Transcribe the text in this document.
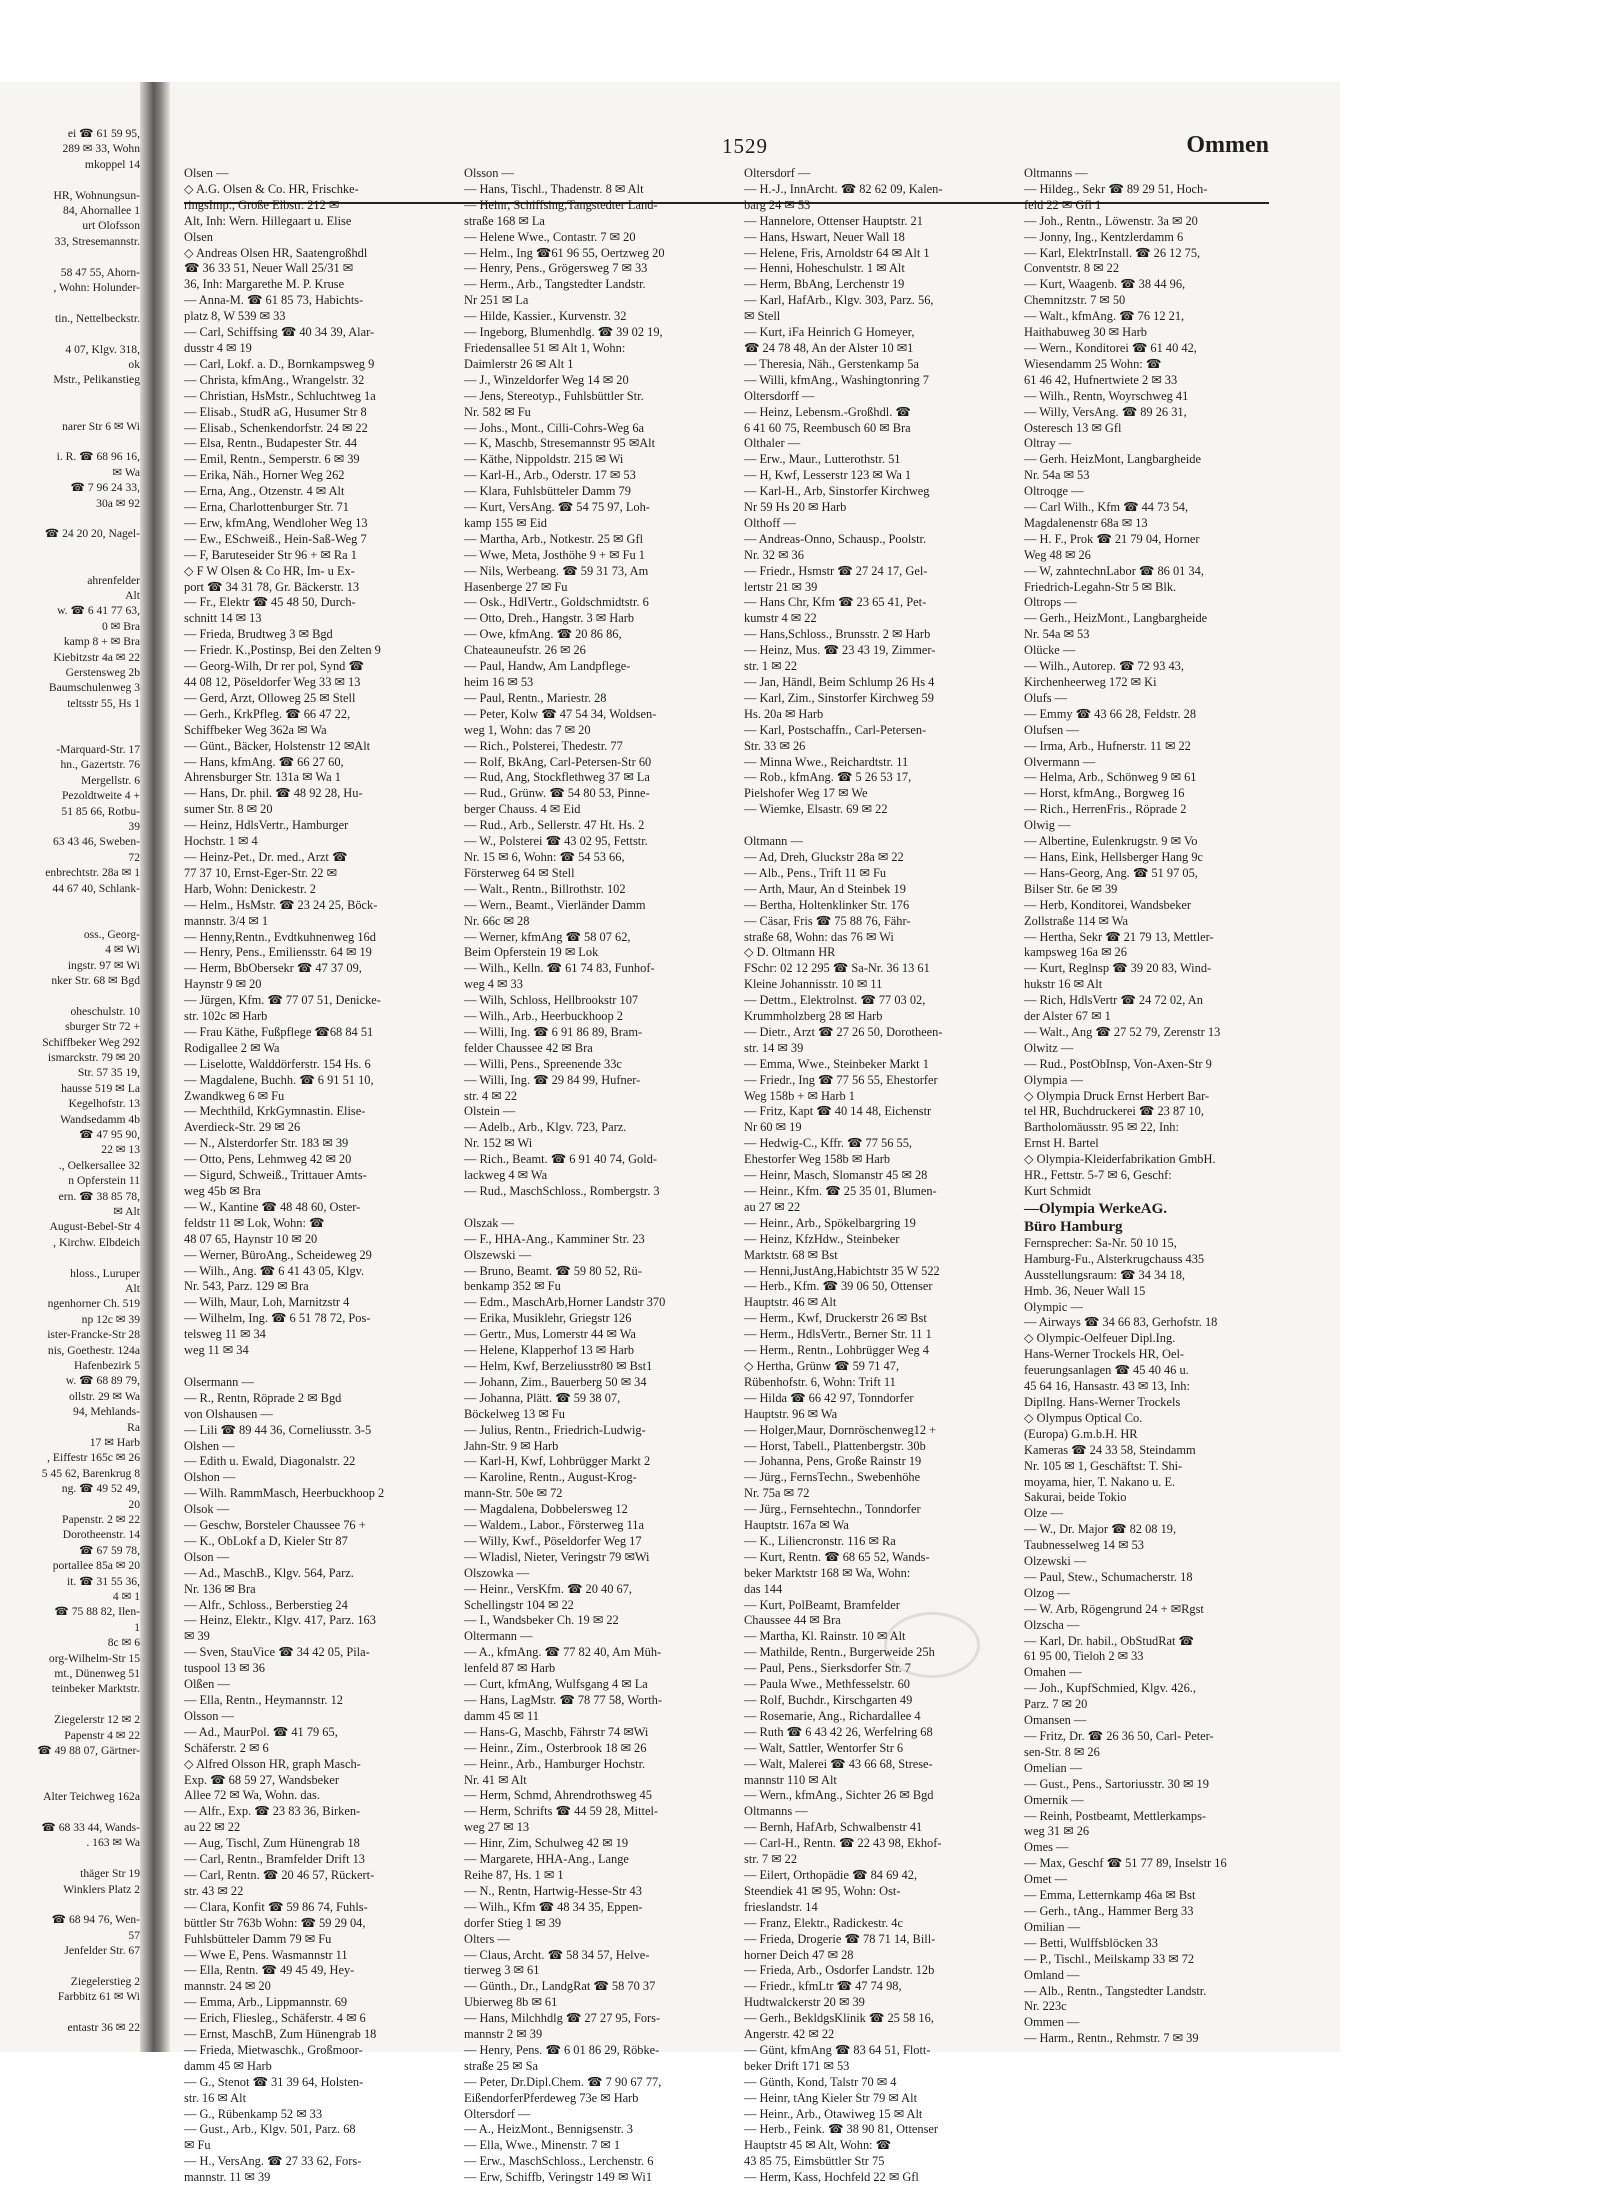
ei ☎ 61 59 95,
289 ✉ 33, Wohn
mkoppel 14
HR, Wohnungsun-
84, Ahornallee 1
urt Olofsson
33, Stresemannstr.
58 47 55, Ahorn-
, Wohn: Holunder-
tin., Nettelbeckstr.
4 07, Klgv. 318,
ok
Mstr., Pelikanstieg
narer Str 6 ✉ Wi
i. R. ☎ 68 96 16,
✉ Wa
☎ 7 96 24 33,
30a ✉ 92
☎ 24 20 20, Nagel-
ahrenfelder
Alt
w. ☎ 6 41 77 63,
0 ✉ Bra
kamp 8 + ✉ Bra
Kiebitzstr 4a ✉ 22
Gerstensweg 2b
Baumschulenweg 3
teltsstr 55, Hs 1
-Marquard-Str. 17
hn., Gazertstr. 76
Mergellstr. 6
Pezoldtweite 4 +
51 85 66, Rotbu-
39
63 43 46, Sweben-
72
enbrechtstr. 28a ✉ 1
44 67 40, Schlank-
oss., Georg-
4 ✉ Wi
ingstr. 97 ✉ Wi
nker Str. 68 ✉ Bgd
oheschulstr. 10
sburger Str 72 +
Schiffbeker Weg 292
ismarckstr. 79 ✉ 20
Str. 57 35 19,
hausse 519 ✉ La
Kegelhofstr. 13
Wandsedamm 4b
☎ 47 95 90,
22 ✉ 13
., Oelkersallee 32
n Opferstein 11
ern. ☎ 38 85 78,
✉ Alt
August-Bebel-Str 4
, Kirchw. Elbdeich
hloss., Luruper
Alt
ngenhorner Ch. 519
np 12c ✉ 39
ister-Francke-Str 28
nis, Goethestr. 124a
Hafenbezirk 5
w. ☎ 68 89 79,
ollstr. 29 ✉ Wa
94, Mehlands-
Ra
17 ✉ Harb
, Eiffestr 165c ✉ 26
5 45 62, Barenkrug 8
ng. ☎ 49 52 49,
20
Papenstr. 2 ✉ 22
Dorotheenstr. 14
☎ 67 59 78,
portallee 85a ✉ 20
it. ☎ 31 55 36,
4 ✉ 1
☎ 75 88 82, Ilen-
1
8c ✉ 6
org-Wilhelm-Str 15
mt., Dünenweg 51
teinbeker Marktstr.
Ziegelerstr 12 ✉ 2
Papenstr 4 ✉ 22
☎ 49 88 07, Gärtner-
Alter Teichweg 162a
☎ 68 33 44, Wands-
. 163 ✉ Wa
thäger Str 19
Winklers Platz 2
☎ 68 94 76, Wen-
57
Jenfelder Str. 67
Ziegelerstieg 2
Farbbitz 61 ✉ Wi
entastr 36 ✉ 22
1529	Ommen
Olsen —
◇ A.G. Olsen & Co. HR, Frischke-
ringsImp., Große Elbstr. 212 ✉
Alt, Inh: Wern. Hillegaart u. Elise
Olsen
◇ Andreas Olsen HR, Saatengroßhdl
☎ 36 33 51, Neuer Wall 25/31 ✉
36, Inh: Margarethe M. P. Kruse
— Anna-M. ☎ 61 85 73, Habichts-
platz 8, W 539 ✉ 33
— Carl, Schiffsing ☎ 40 34 39, Alar-
dusstr 4 ✉ 19
— Carl, Lokf. a. D., Bornkampsweg 9
— Christa, kfmAng., Wrangelstr. 32
— Christian, HsMstr., Schluchtweg 1a
— Elisab., StudR aG, Husumer Str 8
— Elisab., Schenkendorfstr. 24 ✉ 22
— Elsa, Rentn., Budapester Str. 44
— Emil, Rentn., Semperstr. 6 ✉ 39
— Erika, Näh., Horner Weg 262
— Erna, Ang., Otzenstr. 4 ✉ Alt
— Erna, Charlottenburger Str. 71
— Erw, kfmAng, Wendloher Weg 13
— Ew., ESchweiß., Hein-Saß-Weg 7
— F, Baruteseider Str 96 + ✉ Ra 1
◇ F W Olsen & Co HR, Im- u Ex-
port ☎ 34 31 78, Gr. Bäckerstr. 13
— Fr., Elektr ☎ 45 48 50, Durch-
schnitt 14 ✉ 13
— Frieda, Brudtweg 3 ✉ Bgd
— Friedr. K.,Postinsp, Bei den Zelten 9
— Georg-Wilh, Dr rer pol, Synd ☎
44 08 12, Pöseldorfer Weg 33 ✉ 13
— Gerd, Arzt, Olloweg 25 ✉ Stell
— Gerh., KrkPfleg. ☎ 66 47 22,
Schiffbeker Weg 362a ✉ Wa
— Günt., Bäcker, Holstenstr 12 ✉Alt
— Hans, kfmAng. ☎ 66 27 60,
Ahrensburger Str. 131a ✉ Wa 1
— Hans, Dr. phil. ☎ 48 92 28, Hu-
sumer Str. 8 ✉ 20
— Heinz, HdlsVertr., Hamburger
Hochstr. 1 ✉ 4
— Heinz-Pet., Dr. med., Arzt ☎
77 37 10, Ernst-Eger-Str. 22 ✉
Harb, Wohn: Denickestr. 2
— Helm., HsMstr. ☎ 23 24 25, Böck-
mannstr. 3/4 ✉ 1
— Henny,Rentn., Evdtkuhnenweg 16d
— Henry, Pens., Emiliensstr. 64 ✉ 19
— Herm, BbObersekr ☎ 47 37 09,
Haynstr 9 ✉ 20
— Jürgen, Kfm. ☎ 77 07 51, Denicke-
str. 102c ✉ Harb
— Frau Käthe, Fußpflege ☎68 84 51
Rodigallee 2 ✉ Wa
— Liselotte, Walddörferstr. 154 Hs. 6
— Magdalene, Buchh. ☎ 6 91 51 10,
Zwandkweg 6 ✉ Fu
— Mechthild, KrkGymnastin. Elise-
Averdieck-Str. 29 ✉ 26
— N., Alsterdorfer Str. 183 ✉ 39
— Otto, Pens, Lehmweg 42 ✉ 20
— Sigurd, Schweiß., Trittauer Amts-
weg 45b ✉ Bra
— W., Kantine ☎ 48 48 60, Oster-
feldstr 11 ✉ Lok, Wohn: ☎
48 07 65, Haynstr 10 ✉ 20
— Werner, BüroAng., Scheideweg 29
— Wilh., Ang. ☎ 6 41 43 05, Klgv.
Nr. 543, Parz. 129 ✉ Bra
— Wilh, Maur, Loh, Marnitzstr 4
— Wilhelm, Ing. ☎ 6 51 78 72, Pos-
telsweg 11 ✉ 34
weg 11 ✉ 34

Olsermann —
— R., Rentn, Röprade 2 ✉ Bgd
von Olshausen —
— Lili ☎ 89 44 36, Corneliusstr. 3-5
Olshen —
— Edith u. Ewald, Diagonalstr. 22
Olshon —
— Wilh. RammMasch, Heerbuckhoop 2
Olsok —
— Geschw, Borsteler Chaussee 76 +
— K., ObLokf a D, Kieler Str 87
Olson —
— Ad., MaschB., Klgv. 564, Parz.
Nr. 136 ✉ Bra
— Alfr., Schloss., Berberstieg 24
— Heinz, Elektr., Klgv. 417, Parz. 163
✉ 39
— Sven, StauVice ☎ 34 42 05, Pila-
tuspool 13 ✉ 36
Olßen —
— Ella, Rentn., Heymannstr. 12
Olsson —
— Ad., MaurPol. ☎ 41 79 65,
Schäferstr. 2 ✉ 6
◇ Alfred Olsson HR, graph Masch-
Exp. ☎ 68 59 27, Wandsbeker
Allee 72 ✉ Wa, Wohn. das.
— Alfr., Exp. ☎ 23 83 36, Birken-
au 22 ✉ 22
— Aug, Tischl, Zum Hünengrab 18
— Carl, Rentn., Bramfelder Drift 13
— Carl, Rentn. ☎ 20 46 57, Rückert-
str. 43 ✉ 22
— Clara, Konfit ☎ 59 86 74, Fuhls-
büttler Str 763b Wohn: ☎ 59 29 04,
Fuhlsbütteler Damm 79 ✉ Fu
— Wwe E, Pens. Wasmannstr 11
— Ella, Rentn. ☎ 49 45 49, Hey-
mannstr. 24 ✉ 20
— Emma, Arb., Lippmannstr. 69
— Erich, Fliesleg., Schäferstr. 4 ✉ 6
— Ernst, MaschB, Zum Hünengrab 18
— Frieda, Mietwaschk., Großmoor-
damm 45 ✉ Harb
— G., Stenot ☎ 31 39 64, Holsten-
str. 16 ✉ Alt
— G., Rübenkamp 52 ✉ 33
— Gust., Arb., Klgv. 501, Parz. 68
✉ Fu
— H., VersAng. ☎ 27 33 62, Fors-
mannstr. 11 ✉ 39
Olsson —
— Hans, Tischl., Thadenstr. 8 ✉ Alt
— Heinr, Schiffsing,Tangstedter Land-
straße 168 ✉ La
— Helene Wwe., Contastr. 7 ✉ 20
— Helm., Ing ☎61 96 55, Oertzweg 20
— Henry, Pens., Grögersweg 7 ✉ 33
— Herm., Arb., Tangstedter Landstr.
Nr 251 ✉ La
— Hilde, Kassier., Kurvenstr. 32
— Ingeborg, Blumenhdlg. ☎ 39 02 19,
Friedensallee 51 ✉ Alt 1, Wohn:
Daimlerstr 26 ✉ Alt 1
— J., Winzeldorfer Weg 14 ✉ 20
— Jens, Stereotyp., Fuhlsbüttler Str.
Nr. 582 ✉ Fu
— Johs., Mont., Cilli-Cohrs-Weg 6a
— K, Maschb, Stresemannstr 95 ✉Alt
— Käthe, Nippoldstr. 215 ✉ Wi
— Karl-H., Arb., Oderstr. 17 ✉ 53
— Klara, Fuhlsbütteler Damm 79
— Kurt, VersAng. ☎ 54 75 97, Loh-
kamp 155 ✉ Eid
— Martha, Arb., Notkestr. 25 ✉ Gfl
— Wwe, Meta, Josthöhe 9 + ✉ Fu 1
— Nils, Werbeang. ☎ 59 31 73, Am
Hasenberge 27 ✉ Fu
— Osk., HdlVertr., Goldschmidtstr. 6
— Otto, Dreh., Hangstr. 3 ✉ Harb
— Owe, kfmAng. ☎ 20 86 86,
Chateauneufstr. 26 ✉ 26
— Paul, Handw, Am Landpflege-
heim 16 ✉ 53
— Paul, Rentn., Mariestr. 28
— Peter, Kolw ☎ 47 54 34, Woldsen-
weg 1, Wohn: das 7 ✉ 20
— Rich., Polsterei, Thedestr. 77
— Rolf, BkAng, Carl-Petersen-Str 60
— Rud, Ang, Stockflethweg 37 ✉ La
— Rud., Grünw. ☎ 54 80 53, Pinne-
berger Chauss. 4 ✉ Eid
— Rud., Arb., Sellerstr. 47 Ht. Hs. 2
— W., Polsterei ☎ 43 02 95, Fettstr.
Nr. 15 ✉ 6, Wohn: ☎ 54 53 66,
Försterweg 64 ✉ Stell
— Walt., Rentn., Billrothstr. 102
— Wern., Beamt., Vierländer Damm
Nr. 66c ✉ 28
— Werner, kfmAng ☎ 58 07 62,
Beim Opferstein 19 ✉ Lok
— Wilh., Kelln. ☎ 61 74 83, Funhof-
weg 4 ✉ 33
— Wilh, Schloss, Hellbrookstr 107
— Wilh., Arb., Heerbuckhoop 2
— Willi, Ing. ☎ 6 91 86 89, Bram-
felder Chaussee 42 ✉ Bra
— Willi, Pens., Spreenende 33c
— Willi, Ing. ☎ 29 84 99, Hufner-
str. 4 ✉ 22
Olstein —
— Adelb., Arb., Klgv. 723, Parz.
Nr. 152 ✉ Wi
— Rich., Beamt. ☎ 6 91 40 74, Gold-
lackweg 4 ✉ Wa
— Rud., MaschSchloss., Rombergstr. 3

Olszak —
— F., HHA-Ang., Kamminer Str. 23
Olszewski —
— Bruno, Beamt. ☎ 59 80 52, Rü-
benkamp 352 ✉ Fu
— Edm., MaschArb,Horner Landstr 370
— Erika, Musiklehr, Griegstr 126
— Gertr., Mus, Lomerstr 44 ✉ Wa
— Helene, Klapperhof 13 ✉ Harb
— Helm, Kwf, Berzeliusstr80 ✉ Bst1
— Johann, Zim., Bauerberg 50 ✉ 34
— Johanna, Plätt. ☎ 59 38 07,
Böckelweg 13 ✉ Fu
— Julius, Rentn., Friedrich-Ludwig-
Jahn-Str. 9 ✉ Harb
— Karl-H, Kwf, Lohbrügger Markt 2
— Karoline, Rentn., August-Krog-
mann-Str. 50e ✉ 72
— Magdalena, Dobbelersweg 12
— Waldem., Labor., Försterweg 11a
— Willy, Kwf., Pöseldorfer Weg 17
— Wladisl, Nieter, Veringstr 79 ✉Wi
Olszowka —
— Heinr., VersKfm. ☎ 20 40 67,
Schellingstr 104 ✉ 22
— I., Wandsbeker Ch. 19 ✉ 22
Oltermann —
— A., kfmAng. ☎ 77 82 40, Am Müh-
lenfeld 87 ✉ Harb
— Curt, kfmAng, Wulfsgang 4 ✉ La
— Hans, LagMstr. ☎ 78 77 58, Worth-
damm 45 ✉ 11
— Hans-G, Maschb, Fährstr 74 ✉Wi
— Heinr., Zim., Osterbrook 18 ✉ 26
— Heinr., Arb., Hamburger Hochstr.
Nr. 41 ✉ Alt
— Herm, Schmd, Ahrendrothsweg 45
— Herm, Schrifts ☎ 44 59 28, Mittel-
weg 27 ✉ 13
— Hinr, Zim, Schulweg 42 ✉ 19
— Margarete, HHA-Ang., Lange
Reihe 87, Hs. 1 ✉ 1
— N., Rentn, Hartwig-Hesse-Str 43
— Wilh., Kfm ☎ 48 34 35, Eppen-
dorfer Stieg 1 ✉ 39
Olters —
— Claus, Archt. ☎ 58 34 57, Helve-
tierweg 3 ✉ 61
— Günth., Dr., LandgRat ☎ 58 70 37
Ubierweg 8b ✉ 61
— Hans, Milchhdlg ☎ 27 27 95, Fors-
mannstr 2 ✉ 39
— Henry, Pens. ☎ 6 01 86 29, Röbke-
straße 25 ✉ Sa
— Peter, Dr.Dipl.Chem. ☎ 7 90 67 77,
EißendorferPferdeweg 73e ✉ Harb
Oltersdorf —
— A., HeizMont., Bennigsenstr. 3
— Ella, Wwe., Minenstr. 7 ✉ 1
— Erw., MaschSchloss., Lerchenstr. 6
— Erw, Schiffb, Veringstr 149 ✉ Wi1
Oltersdorf —
— H.-J., InnArcht. ☎ 82 62 09, Kalen-
barg 24 ✉ 53
— Hannelore, Ottenser Hauptstr. 21
— Hans, Hswart, Neuer Wall 18
— Helene, Fris, Arnoldstr 64 ✉ Alt 1
— Henni, Hoheschulstr. 1 ✉ Alt
— Herm, BbAng, Lerchenstr 19
— Karl, HafArb., Klgv. 303, Parz. 56,
✉ Stell
— Kurt, iFa Heinrich G Homeyer,
☎ 24 78 48, An der Alster 10 ✉1
— Theresia, Näh., Gerstenkamp 5a
— Willi, kfmAng., Washingtonring 7
Oltersdorff —
— Heinz, Lebensm.-Großhdl. ☎
6 41 60 75, Reembusch 60 ✉ Bra
Olthaler —
— Erw., Maur., Lutterothstr. 51
— H, Kwf, Lesserstr 123 ✉ Wa 1
— Karl-H., Arb, Sinstorfer Kirchweg
Nr 59 Hs 20 ✉ Harb
Olthoff —
— Andreas-Onno, Schausp., Poolstr.
Nr. 32 ✉ 36
— Friedr., Hsmstr ☎ 27 24 17, Gel-
lertstr 21 ✉ 39
— Hans Chr, Kfm ☎ 23 65 41, Pet-
kumstr 4 ✉ 22
— Hans,Schloss., Brunsstr. 2 ✉ Harb
— Heinz, Mus. ☎ 23 43 19, Zimmer-
str. 1 ✉ 22
— Jan, Händl, Beim Schlump 26 Hs 4
— Karl, Zim., Sinstorfer Kirchweg 59
Hs. 20a ✉ Harb
— Karl, Postschaffn., Carl-Petersen-
Str. 33 ✉ 26
— Minna Wwe., Reichardtstr. 11
— Rob., kfmAng. ☎ 5 26 53 17,
Pielshofer Weg 17 ✉ We
— Wiemke, Elsastr. 69 ✉ 22

Oltmann —
— Ad, Dreh, Gluckstr 28a ✉ 22
— Alb., Pens., Trift 11 ✉ Fu
— Arth, Maur, An d Steinbek 19
— Bertha, Holtenklinker Str. 176
— Cäsar, Fris ☎ 75 88 76, Fähr-
straße 68, Wohn: das 76 ✉ Wi
◇ D. Oltmann HR
FSchr: 02 12 295 ☎ Sa-Nr. 36 13 61
Kleine Johannisstr. 10 ✉ 11
— Dettm., Elektrolnst. ☎ 77 03 02,
Krummholzberg 28 ✉ Harb
— Dietr., Arzt ☎ 27 26 50, Dorotheen-
str. 14 ✉ 39
— Emma, Wwe., Steinbeker Markt 1
— Friedr., Ing ☎ 77 56 55, Ehestorfer
Weg 158b + ✉ Harb 1
— Fritz, Kapt ☎ 40 14 48, Eichenstr
Nr 60 ✉ 19
— Hedwig-C., Kffr. ☎ 77 56 55,
Ehestorfer Weg 158b ✉ Harb
— Heinr, Masch, Slomanstr 45 ✉ 28
— Heinr., Kfm. ☎ 25 35 01, Blumen-
au 27 ✉ 22
— Heinr., Arb., Spökelbargring 19
— Heinz, KfzHdw., Steinbeker
Marktstr. 68 ✉ Bst
— Henni,JustAng,Habichtstr 35 W 522
— Herb., Kfm. ☎ 39 06 50, Ottenser
Hauptstr. 46 ✉ Alt
— Herm., Kwf, Druckerstr 26 ✉ Bst
— Herm., HdlsVertr., Berner Str. 11 1
— Herm., Rentn., Lohbrügger Weg 4
◇ Hertha, Grünw ☎ 59 71 47,
Rübenhofstr. 6, Wohn: Trift 11
— Hilda ☎ 66 42 97, Tonndorfer
Hauptstr. 96 ✉ Wa
— Holger,Maur, Dornröschenweg12 +
— Horst, Tabell., Plattenbergstr. 30b
— Johanna, Pens, Große Rainstr 19
— Jürg., FernsTechn., Swebenhöhe
Nr. 75a ✉ 72
— Jürg., Fernsehtechn., Tonndorfer
Hauptstr. 167a ✉ Wa
— K., Liliencronstr. 116 ✉ Ra
— Kurt, Rentn. ☎ 68 65 52, Wands-
beker Marktstr 168 ✉ Wa, Wohn:
das 144
— Kurt, PolBeamt, Bramfelder
Chaussee 44 ✉ Bra
— Martha, Kl. Rainstr. 10 ✉ Alt
— Mathilde, Rentn., Burgerweide 25h
— Paul, Pens., Sierksdorfer Str. 7
— Paula Wwe., Methfesselstr. 60
— Rolf, Buchdr., Kirschgarten 49
— Rosemarie, Ang., Richardallee 4
— Ruth ☎ 6 43 42 26, Werfelring 68
— Walt, Sattler, Wentorfer Str 6
— Walt, Malerei ☎ 43 66 68, Strese-
mannstr 110 ✉ Alt
— Wern., kfmAng., Sichter 26 ✉ Bgd
Oltmanns —
— Bernh, HafArb, Schwalbenstr 41
— Carl-H., Rentn. ☎ 22 43 98, Ekhof-
str. 7 ✉ 22
— Eilert, Orthopädie ☎ 84 69 42,
Steendiek 41 ✉ 95, Wohn: Ost-
frieslandstr. 14
— Franz, Elektr., Radickestr. 4c
— Frieda, Drogerie ☎ 78 71 14, Bill-
horner Deich 47 ✉ 28
— Frieda, Arb., Osdorfer Landstr. 12b
— Friedr., kfmLtr ☎ 47 74 98,
Hudtwalckerstr 20 ✉ 39
— Gerh., BekldgsKlinik ☎ 25 58 16,
Angerstr. 42 ✉ 22
— Günt, kfmAng ☎ 83 64 51, Flott-
beker Drift 171 ✉ 53
— Günth, Kond, Talstr 70 ✉ 4
— Heinr, tAng Kieler Str 79 ✉ Alt
— Heinr., Arb., Otawiweg 15 ✉ Alt
— Herb., Feink. ☎ 38 90 81, Ottenser
Hauptstr 45 ✉ Alt, Wohn: ☎
43 85 75, Eimsbüttler Str 75
— Herm, Kass, Hochfeld 22 ✉ Gfl
Oltmanns —
— Hildeg., Sekr ☎ 89 29 51, Hoch-
feld 22 ✉ Gfl 1
— Joh., Rentn., Löwenstr. 3a ✉ 20
— Jonny, Ing., Kentzlerdamm 6
— Karl, ElektrInstall. ☎ 26 12 75,
Conventstr. 8 ✉ 22
— Kurt, Waagenb. ☎ 38 44 96,
Chemnitzstr. 7 ✉ 50
— Walt., kfmAng. ☎ 76 12 21,
Haithabuweg 30 ✉ Harb
— Wern., Konditorei ☎ 61 40 42,
Wiesendamm 25 Wohn: ☎
61 46 42, Hufnertwiete 2 ✉ 33
— Wilh., Rentn, Woyrschweg 41
— Willy, VersAng. ☎ 89 26 31,
Osteresch 13 ✉ Gfl
Oltray —
— Gerh. HeizMont, Langbargheide
Nr. 54a ✉ 53
Oltroqge —
— Carl Wilh., Kfm ☎ 44 73 54,
Magdalenenstr 68a ✉ 13
— H. F., Prok ☎ 21 79 04, Horner
Weg 48 ✉ 26
— W, zahntechnLabor ☎ 86 01 34,
Friedrich-Legahn-Str 5 ✉ Blk.
Oltrops —
— Gerh., HeizMont., Langbargheide
Nr. 54a ✉ 53
Olücke —
— Wilh., Autorep. ☎ 72 93 43,
Kirchenheerweg 172 ✉ Ki
Olufs —
— Emmy ☎ 43 66 28, Feldstr. 28
Olufsen —
— Irma, Arb., Hufnerstr. 11 ✉ 22
Olvermann —
— Helma, Arb., Schönweg 9 ✉ 61
— Horst, kfmAng., Borgweg 16
— Rich., HerrenFris., Röprade 2
Olwig —
— Albertine, Eulenkrugstr. 9 ✉ Vo
— Hans, Eink, Hellsberger Hang 9c
— Hans-Georg, Ang. ☎ 51 97 05,
Bilser Str. 6e ✉ 39
— Herb, Konditorei, Wandsbeker
Zollstraße 114 ✉ Wa
— Hertha, Sekr ☎ 21 79 13, Mettler-
kampsweg 16a ✉ 26
— Kurt, Reglnsp ☎ 39 20 83, Wind-
hukstr 16 ✉ Alt
— Rich, HdlsVertr ☎ 24 72 02, An
der Alster 67 ✉ 1
— Walt., Ang ☎ 27 52 79, Zerenstr 13
Olwitz —
— Rud., PostObInsp, Von-Axen-Str 9
Olympia —
◇ Olympia Druck Ernst Herbert Bar-
tel HR, Buchdruckerei ☎ 23 87 10,
Bartholomäusstr. 95 ✉ 22, Inh:
Ernst H. Bartel
◇ Olympia-Kleiderfabrikation GmbH.
HR., Fettstr. 5-7 ✉ 6, Geschf:
Kurt Schmidt
—Olympia WerkeAG.
Büro Hamburg
Fernsprecher: Sa-Nr. 50 10 15,
Hamburg-Fu., Alsterkrugchauss 435
Ausstellungsraum: ☎ 34 34 18,
Hmb. 36, Neuer Wall 15
Olympic —
— Airways ☎ 34 66 83, Gerhofstr. 18
◇ Olympic-Oelfeuer Dipl.Ing.
Hans-Werner Trockels HR, Oel-
feuerungsanlagen ☎ 45 40 46 u.
45 64 16, Hansastr. 43 ✉ 13, Inh:
DiplIng. Hans-Werner Trockels
◇ Olympus Optical Co.
(Europa) G.m.b.H. HR
Kameras ☎ 24 33 58, Steindamm
Nr. 105 ✉ 1, Geschäftst: T. Shi-
moyama, hier, T. Nakano u. E.
Sakurai, beide Tokio
Olze —
— W., Dr. Major ☎ 82 08 19,
Taubnesselweg 14 ✉ 53
Olzewski —
— Paul, Stew., Schumacherstr. 18
Olzog —
— W. Arb, Rögengrund 24 + ✉Rgst
Olzscha —
— Karl, Dr. habil., ObStudRat ☎
61 95 00, Tieloh 2 ✉ 33
Omahen —
— Joh., KupfSchmied, Klgv. 426.,
Parz. 7 ✉ 20
Omansen —
— Fritz, Dr. ☎ 26 36 50, Carl- Peter-
sen-Str. 8 ✉ 26
Omelian —
— Gust., Pens., Sartoriusstr. 30 ✉ 19
Omernik —
— Reinh, Postbeamt, Mettlerkamps-
weg 31 ✉ 26
Omes —
— Max, Geschf ☎ 51 77 89, Inselstr 16
Omet —
— Emma, Letternkamp 46a ✉ Bst
— Gerh., tAng., Hammer Berg 33
Omilian —
— Betti, Wulffsblöcken 33
— P., Tischl., Meilskamp 33 ✉ 72
Omland —
— Alb., Rentn., Tangstedter Landstr.
Nr. 223c
Ommen —
— Harm., Rentn., Rehmstr. 7 ✉ 39
